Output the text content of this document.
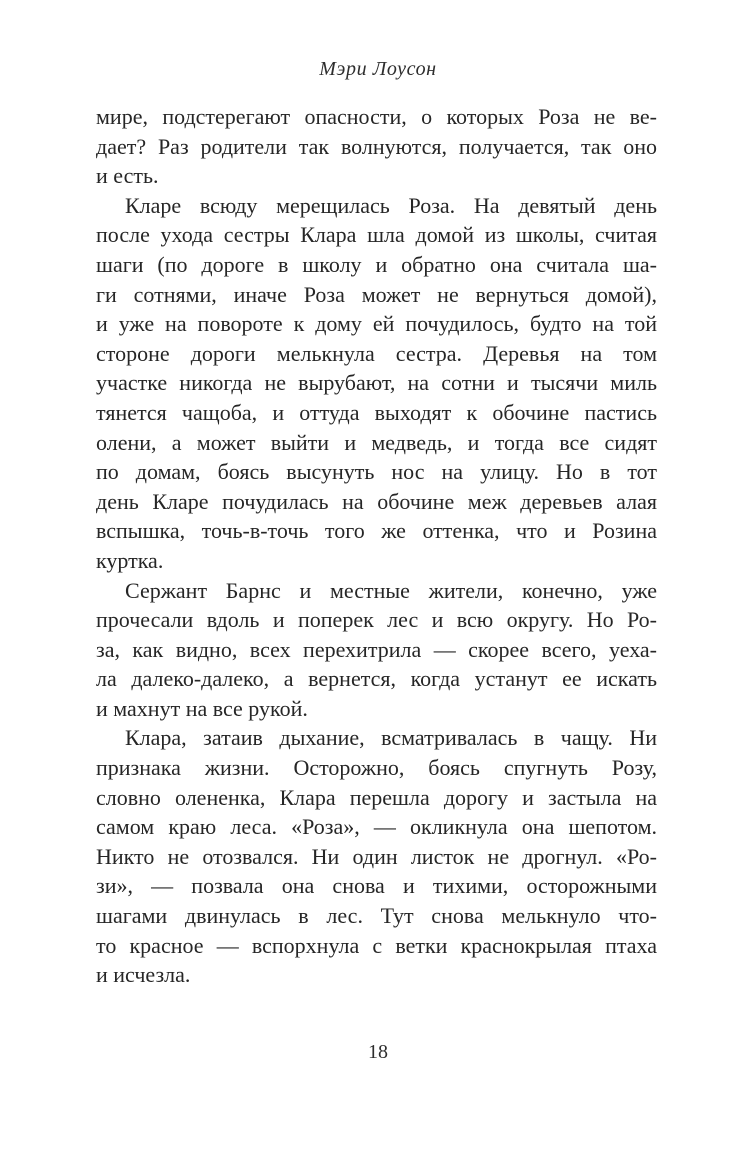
Мэри Лоусон
мире, подстерегают опасности, о которых Роза не ве-
дает? Раз родители так волнуются, получается, так оно
и есть.
Кларе всюду мерещилась Роза. На девятый день
после ухода сестры Клара шла домой из школы, считая
шаги (по дороге в школу и обратно она считала ша-
ги сотнями, иначе Роза может не вернуться домой),
и уже на повороте к дому ей почудилось, будто на той
стороне дороги мелькнула сестра. Деревья на том
участке никогда не вырубают, на сотни и тысячи миль
тянется чащоба, и оттуда выходят к обочине пастись
олени, а может выйти и медведь, и тогда все сидят
по домам, боясь высунуть нос на улицу. Но в тот
день Кларе почудилась на обочине меж деревьев алая
вспышка, точь-в-точь того же оттенка, что и Розина
куртка.
Сержант Барнс и местные жители, конечно, уже
прочесали вдоль и поперек лес и всю округу. Но Ро-
за, как видно, всех перехитрила — скорее всего, уеха-
ла далеко-далеко, а вернется, когда устанут ее искать
и махнут на все рукой.
Клара, затаив дыхание, всматривалась в чащу. Ни
признака жизни. Осторожно, боясь спугнуть Розу,
словно олененка, Клара перешла дорогу и застыла на
самом краю леса. «Роза», — окликнула она шепотом.
Никто не отозвался. Ни один листок не дрогнул. «Ро-
зи», — позвала она снова и тихими, осторожными
шагами двинулась в лес. Тут снова мелькнуло что-
то красное — вспорхнула с ветки краснокрылая птаха
и исчезла.
18
